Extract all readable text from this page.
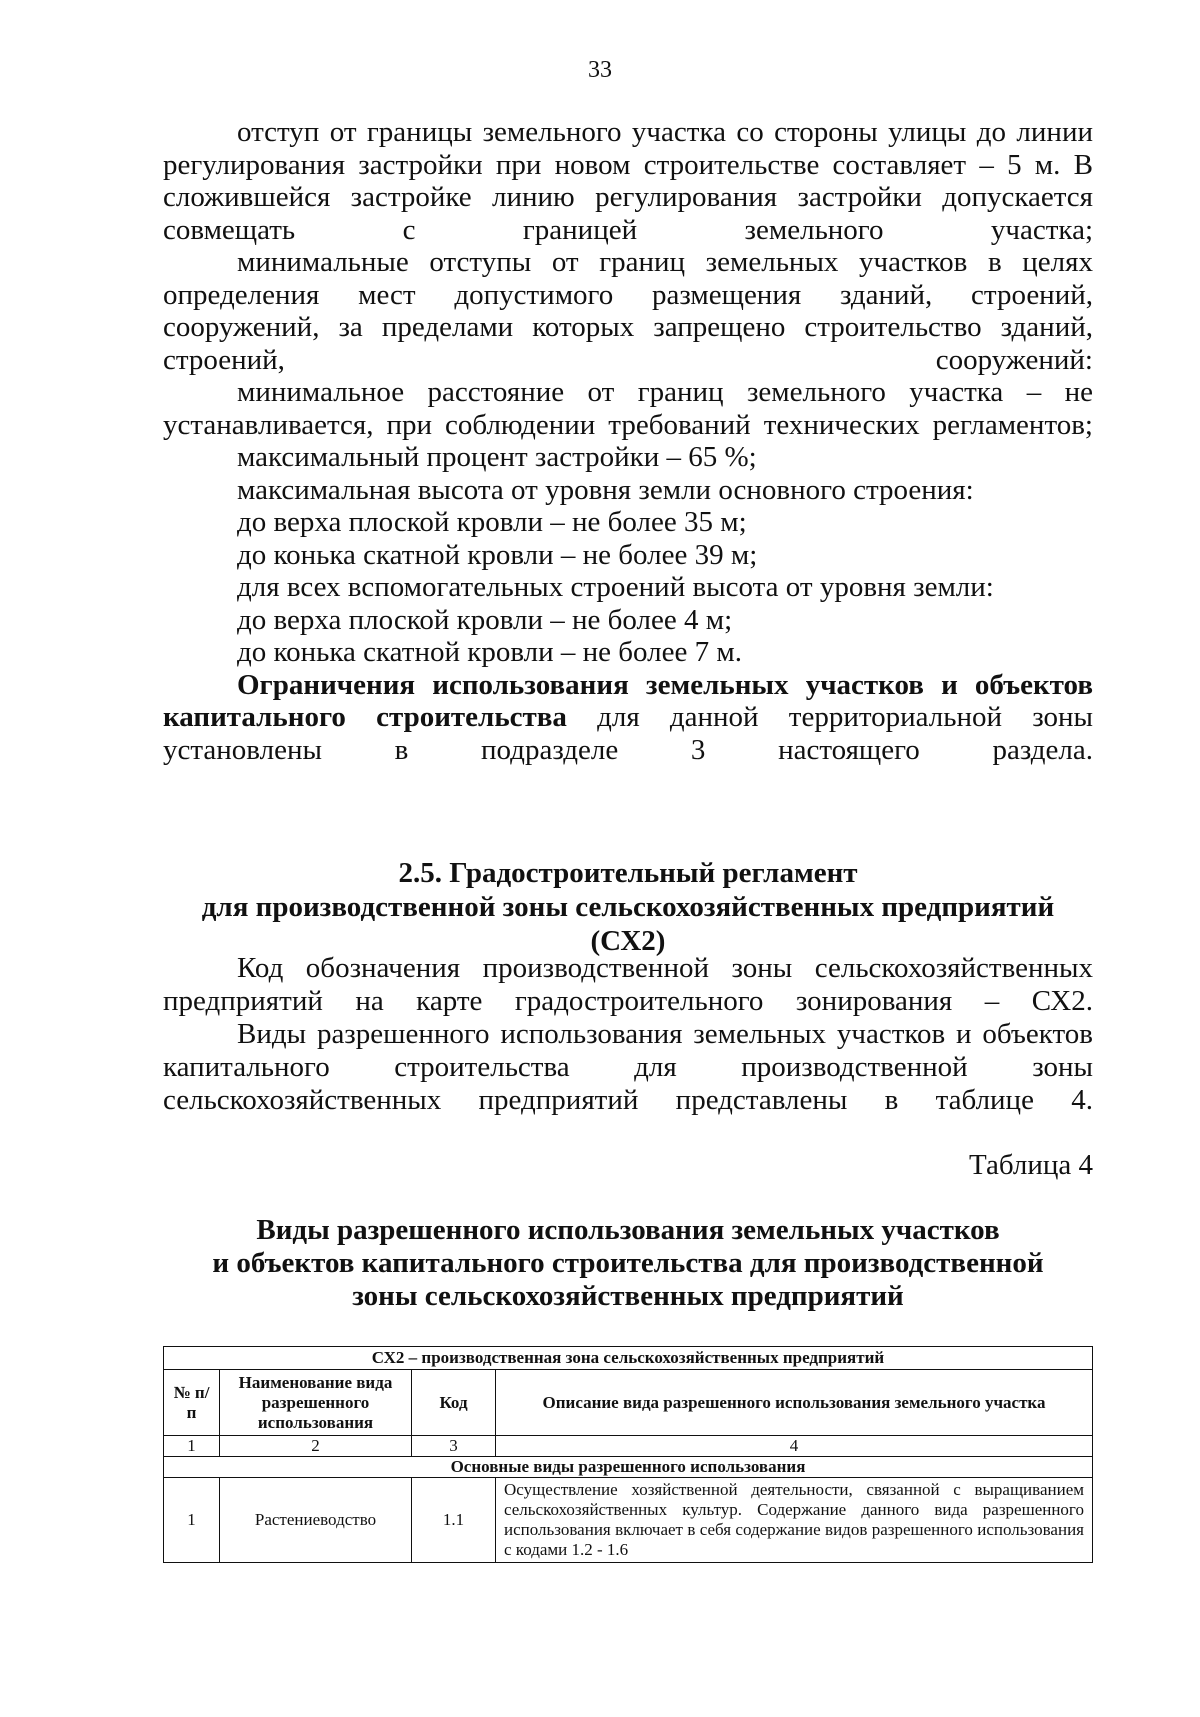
33

отступ от границы земельного участка со стороны улицы до линии регулирования застройки при новом строительстве составляет – 5 м. В сложившейся застройке линию регулирования застройки допускается совмещать с границей земельного участка;

минимальные отступы от границ земельных участков в целях определения мест допустимого размещения зданий, строений, сооружений, за пределами которых запрещено строительство зданий, строений, сооружений:

минимальное расстояние от границ земельного участка – не устанавливается, при соблюдении требований технических регламентов;

максимальный процент застройки – 65 %;

максимальная высота от уровня земли основного строения:

до верха плоской кровли – не более 35 м;

до конька скатной кровли – не более 39 м;

для всех вспомогательных строений высота от уровня земли:

до верха плоской кровли – не более 4 м;

до конька скатной кровли – не более 7 м.

Ограничения использования земельных участков и объектов капитального строительства для данной территориальной зоны установлены в подразделе 3 настоящего раздела.

2.5. Градостроительный регламент
для производственной зоны сельскохозяйственных предприятий (СХ2)

Код обозначения производственной зоны сельскохозяйственных предприятий на карте градостроительного зонирования – СХ2.

Виды разрешенного использования земельных участков и объектов капитального строительства для производственной зоны сельскохозяйственных предприятий представлены в таблице 4.

Таблица 4
Виды разрешенного использования земельных участков
и объектов капитального строительства для производственной
зоны сельскохозяйственных предприятий
СХ2 – производственная зона сельскохозяйственных предприятий			
№ п/п	Наименование вида разрешенного использования	Код	Описание вида разрешенного использования земельного участка
1	2	3	4
Основные виды разрешенного использования			
1	Растениеводство	1.1	Осуществление хозяйственной деятельности, связанной с выращиванием сельскохозяйственных культур. Содержание данного вида разрешенного использования включает в себя содержание видов разрешенного использования с кодами 1.2 - 1.6
